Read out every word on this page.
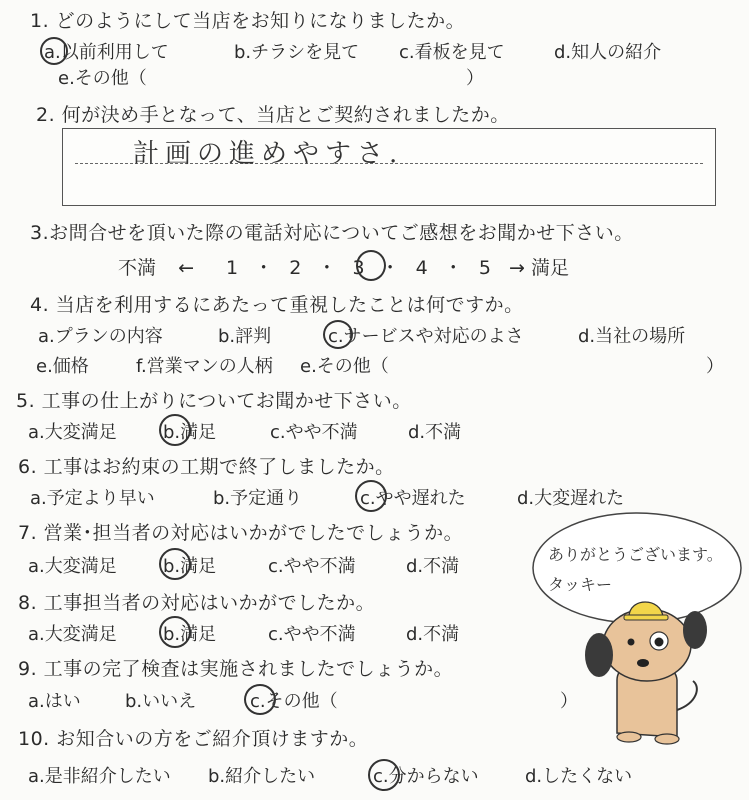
1. どのようにして当店をお知りになりましたか。
a.以前利用して	b.チラシを見て c.看板を見て	d.知人の紹介
e.その他（	）
2. 何が決め手となって、当店とご契約されましたか。
計画の進めやすさ.
3.お問合せを頂いた際の電話対応についてご感想をお聞かせ下さい。
不満 ← 1 ・ 2 ・ 3 ・ 4 ・ 5 → 満足
4. 当店を利用するにあたって重視したことは何ですか。
a.プランの内容	b.評判	c.サービスや対応のよさ	d.当社の場所
e.価格	f.営業マンの人柄 e.その他（	）
5. 工事の仕上がりについてお聞かせ下さい。
a.大変満足	b.満足	c.やや不満	d.不満
6. 工事はお約束の工期で終了しましたか。
a.予定より早い	b.予定通り	c.やや遅れた	d.大変遅れた
7. 営業･担当者の対応はいかがでしたでしょうか。
a.大変満足	b.満足	c.やや不満	d.不満
8. 工事担当者の対応はいかがでしたか。
a.大変満足	b.満足	c.やや不満	d.不満
9. 工事の完了検査は実施されましたでしょうか。
a.はい b.いいえ	c.その他（	）
10. お知合いの方をご紹介頂けますか。
a.是非紹介したい b.紹介したい	c.分からない	d.したくない
ありがとうございます。 タッキー
